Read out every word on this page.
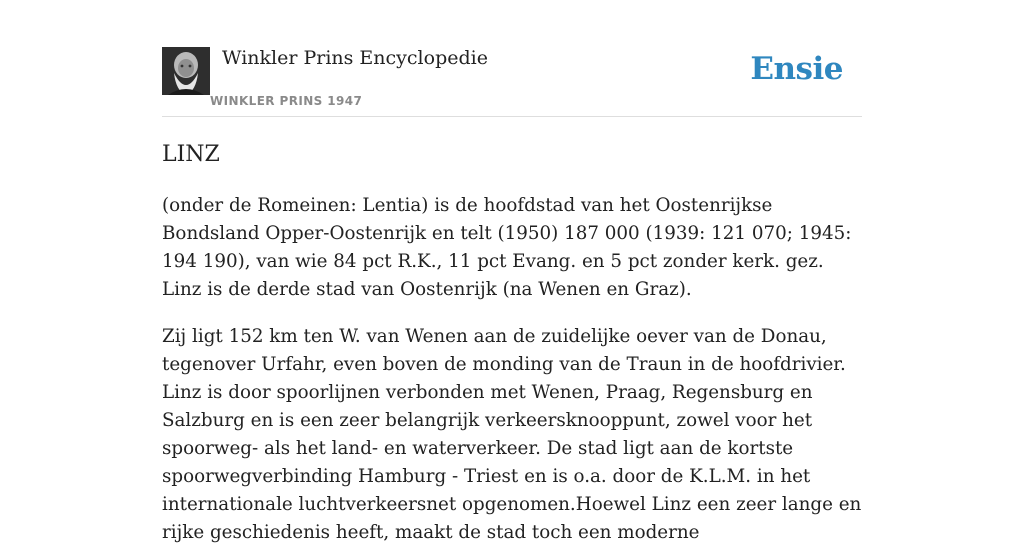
Winkler Prins Encyclopedie
WINKLER PRINS 1947
Ensie
LINZ

(onder de Romeinen: Lentia) is de hoofdstad van het Oostenrijkse Bondsland Opper-Oostenrijk en telt (1950) 187 000 (1939: 121 070; 1945: 194 190), van wie 84 pct R.K., 11 pct Evang. en 5 pct zonder kerk. gez. Linz is de derde stad van Oostenrijk (na Wenen en Graz).

Zij ligt 152 km ten W. van Wenen aan de zuidelijke oever van de Donau, tegenover Urfahr, even boven de monding van de Traun in de hoofdrivier. Linz is door spoorlijnen verbonden met Wenen, Praag, Regensburg en Salzburg en is een zeer belangrijk verkeersknooppunt, zowel voor het spoorweg- als het land- en waterverkeer. De stad ligt aan de kortste spoorwegverbinding Hamburg - Triest en is o.a. door de K.L.M. in het internationale luchtverkeersnet opgenomen.Hoewel Linz een zeer lange en rijke geschiedenis heeft, maakt de stad toch een moderne
